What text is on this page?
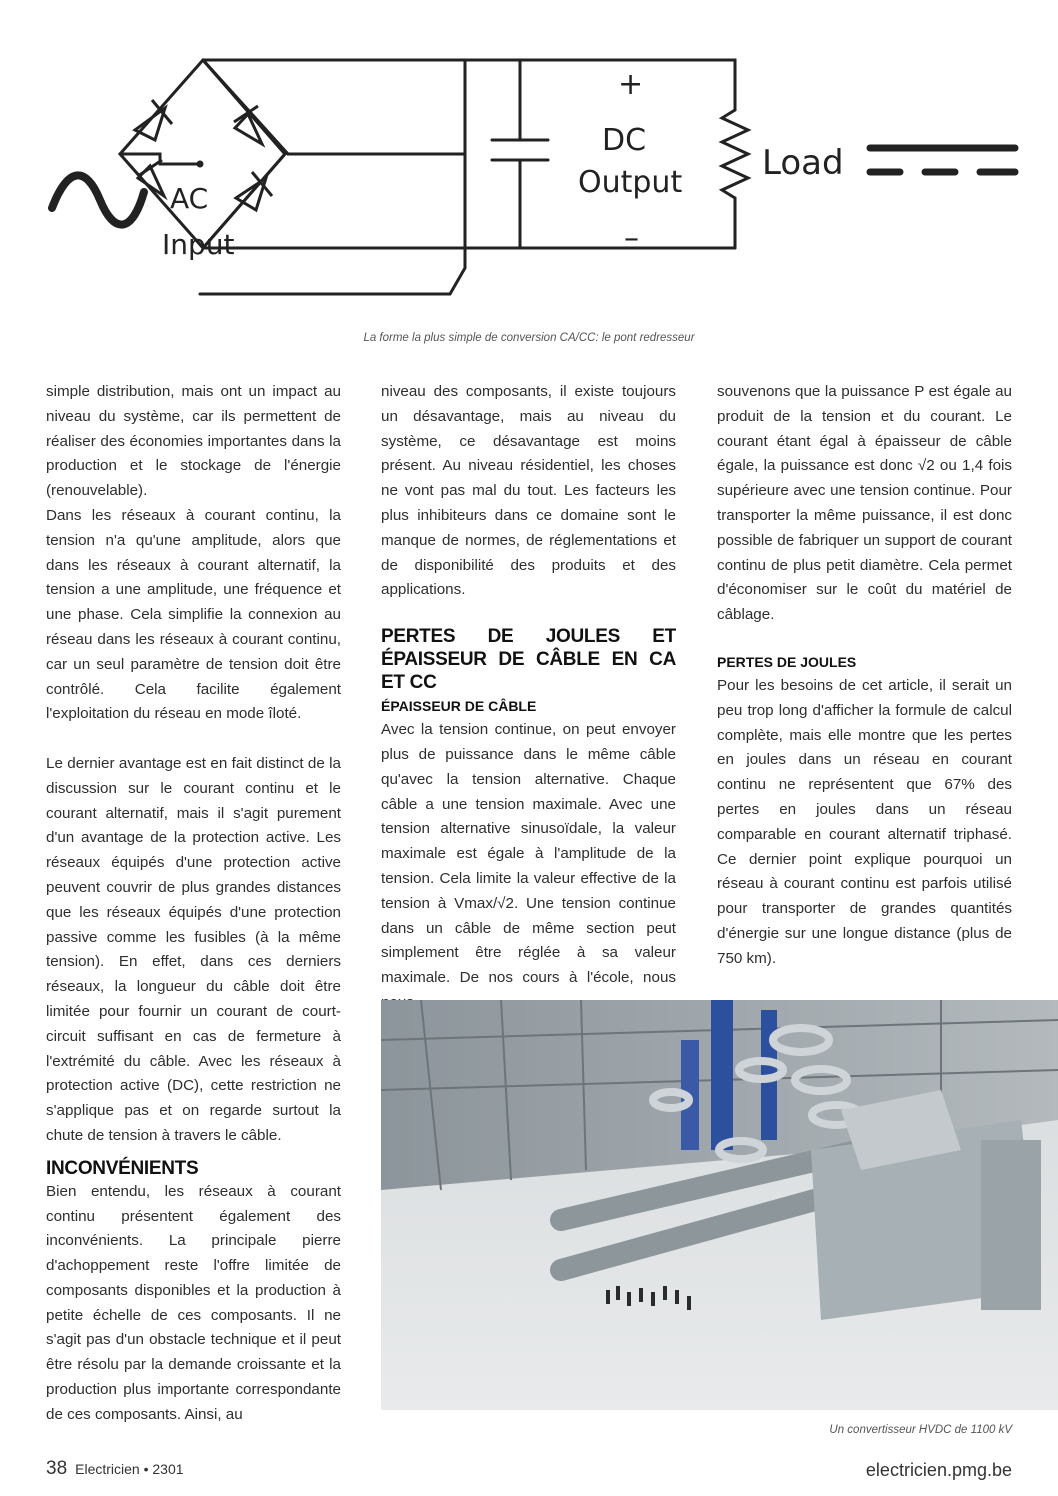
AC
Input
DC
Output
+
–
Load
La forme la plus simple de conversion CA/CC: le pont redresseur

simple distribution, mais ont un impact au niveau du système, car ils permettent de réaliser des économies importantes dans la production et le stockage de l'énergie (renouvelable).

Dans les réseaux à courant continu, la tension n'a qu'une amplitude, alors que dans les réseaux à courant alternatif, la tension a une amplitude, une fréquence et une phase. Cela simplifie la connexion au réseau dans les réseaux à courant continu, car un seul paramètre de tension doit être contrôlé. Cela facilite également l'exploitation du réseau en mode îloté.

Le dernier avantage est en fait distinct de la discussion sur le courant continu et le courant alternatif, mais il s'agit purement d'un avantage de la protection active. Les réseaux équipés d'une protection active peuvent couvrir de plus grandes distances que les réseaux équipés d'une protection passive comme les fusibles (à la même tension). En effet, dans ces derniers réseaux, la longueur du câble doit être limitée pour fournir un courant de court-circuit suffisant en cas de fermeture à l'extrémité du câble. Avec les réseaux à protection active (DC), cette restriction ne s'applique pas et on regarde surtout la chute de tension à travers le câble.

INCONVÉNIENTS

Bien entendu, les réseaux à courant continu présentent également des inconvénients. La principale pierre d'achoppement reste l'offre limitée de composants disponibles et la production à petite échelle de ces composants. Il ne s'agit pas d'un obstacle technique et il peut être résolu par la demande croissante et la production plus importante correspondante de ces composants. Ainsi, au

niveau des composants, il existe toujours un désavantage, mais au niveau du système, ce désavantage est moins présent. Au niveau résidentiel, les choses ne vont pas mal du tout. Les facteurs les plus inhibiteurs dans ce domaine sont le manque de normes, de réglementations et de disponibilité des produits et des applications.

PERTES DE JOULES ET ÉPAISSEUR DE CÂBLE EN CA ET CC
ÉPAISSEUR DE CÂBLE

Avec la tension continue, on peut envoyer plus de puissance dans le même câble qu'avec la tension alternative. Chaque câble a une tension maximale. Avec une tension alternative sinusoïdale, la valeur maximale est égale à l'amplitude de la tension. Cela limite la valeur effective de la tension à Vmax/√2. Une tension continue dans un câble de même section peut simplement être réglée à sa valeur maximale. De nos cours à l'école, nous

souvenons que la puissance P est égale au produit de la tension et du courant. Le courant étant égal à épaisseur de câble égale, la puissance est donc √2 ou 1,4 fois supérieure avec une tension continue. Pour transporter la même puissance, il est donc possible de fabriquer un support de courant continu de plus petit diamètre. Cela permet d'économiser sur le coût du matériel de câblage.

PERTES DE JOULES

Pour les besoins de cet article, il serait un peu trop long d'afficher la formule de calcul complète, mais elle montre que les pertes en joules dans un réseau en courant continu ne représentent que 67% des pertes en joules dans un réseau comparable en courant alternatif triphasé. Ce dernier point explique pourquoi un réseau à courant continu est parfois utilisé pour transporter de grandes quantités d'énergie sur une longue distance (plus de 750 km).

Un convertisseur HVDC de 1100 kV
38 Electricien • 2301	electricien.pmg.be
